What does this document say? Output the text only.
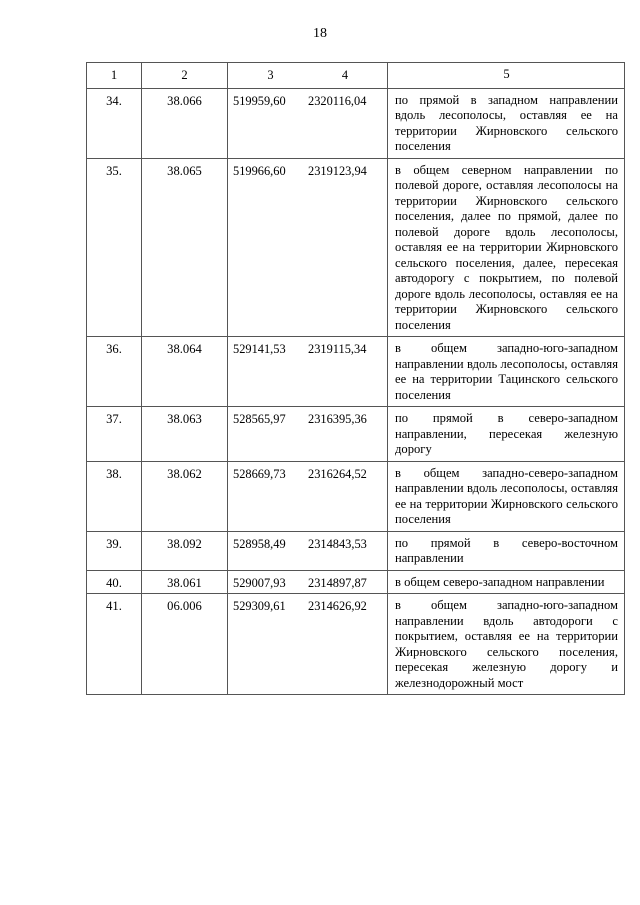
18
1	2	3 4	5
34.	38.066	519959,60 2320116,04	по прямой в западном направлении вдоль лесополосы, оставляя ее на территории Жирновского сельского поселения
35.	38.065	519966,60 2319123,94	в общем северном направлении по полевой дороге, оставляя лесополосы на территории Жирновского сельского поселения, далее по прямой, далее по полевой дороге вдоль лесополосы, оставляя ее на территории Жирновского сельского поселения, далее, пересекая автодорогу с покрытием, по полевой дороге вдоль лесополосы, оставляя ее на территории Жирновского сельского поселения
36.	38.064	529141,53 2319115,34	в общем западно-юго-западном направлении вдоль лесополосы, оставляя ее на территории Тацинского сельского поселения
37.	38.063	528565,97 2316395,36	по прямой в северо-западном направлении, пересекая железную дорогу
38.	38.062	528669,73 2316264,52	в общем западно-северо-западном направлении вдоль лесополосы, оставляя ее на территории Жирновского сельского поселения
39.	38.092	528958,49 2314843,53	по прямой в северо-восточном направлении
40.	38.061	529007,93 2314897,87	в общем северо-западном направлении
41.	06.006	529309,61 2314626,92	в общем западно-юго-западном направлении вдоль автодороги с покрытием, оставляя ее на территории Жирновского сельского поселения, пересекая железную дорогу и железнодорожный мост
